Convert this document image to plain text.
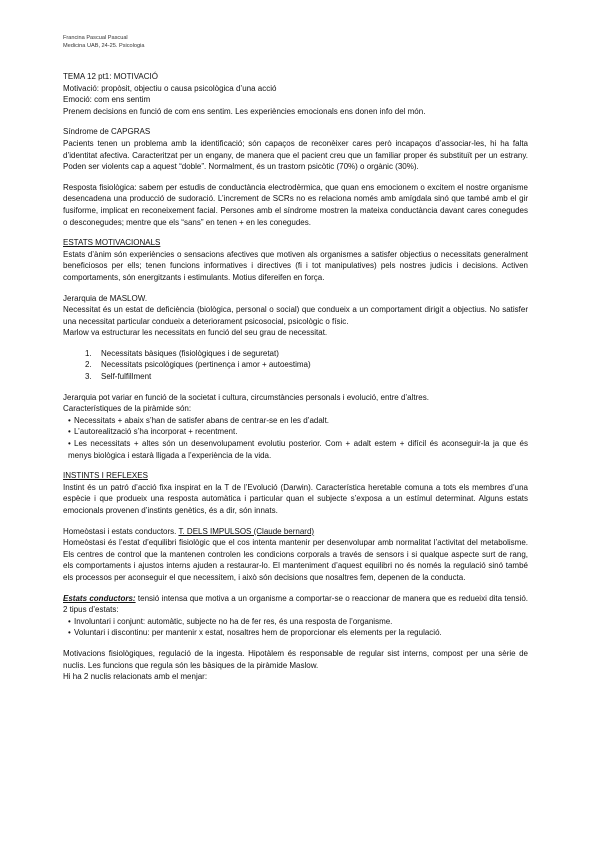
Francina Pascual Pascual
Medicina UAB, 24-25. Psicologia

TEMA 12 pt1: MOTIVACIÓ

Motivació: propòsit, objectiu o causa psicològica d’una acció

Emoció: com ens sentim

Prenem decisions en funció de com ens sentim. Les experiències emocionals ens donen info del món.

Síndrome de CAPGRAS

Pacients tenen un problema amb la identificació; són capaços de reconèixer cares però incapaços d’associar-les, hi ha falta d’identitat afectiva. Caracteritzat per un engany, de manera que el pacient creu que un familiar proper és substituït per un estrany. Poden ser violents cap a aquest “doble”. Normalment, és un trastorn psicòtic (70%) o orgànic (30%).

Resposta fisiològica: sabem per estudis de conductància electrodèrmica, que quan ens emocionem o excitem el nostre organisme desencadena una producció de sudoració. L’increment de SCRs no es relaciona només amb amígdala sinó que també amb el gir fusiforme, implicat en reconeixement facial. Persones amb el síndrome mostren la mateixa conductància davant cares conegudes o desconegudes; mentre que els “sans” en tenen + en les conegudes.

ESTATS MOTIVACIONALS

Estats d’ànim són experiències o sensacions afectives que motiven als organismes a satisfer objectius o necessitats generalment beneficiosos per ells; tenen funcions informatives i directives (fi i tot manipulatives) pels nostres judicis i decisions. Activen comportaments, són energitzants i estimulants. Motius difereifen en força.

Jerarquia de MASLOW.

Necessitat és un estat de deficiència (biològica, personal o social) que condueix a un comportament dirigit a objectius. No satisfer una necessitat particular condueix a deteriorament psicosocial, psicològic o físic.

Marlow va estructurar les necessitats en funció del seu grau de necessitat.

1.	Necessitats bàsiques (fisiològiques i de seguretat)
2.	Necessitats psicològiques (pertinença i amor + autoestima)
3.	Self-fulfillment

Jerarquia pot variar en funció de la societat i cultura, circumstàncies personals i evolució, entre d’altres.

Característiques de la piràmide són:

• Necessitats + abaix s’han de satisfer abans de centrar-se en les d’adalt.
• L’autorealització s’ha incorporat + recentment.
• Les necessitats + altes són un desenvolupament evolutiu posterior. Com + adalt estem + difícil és aconseguir-la ja que és menys biològica i estarà lligada a l’experiència de la vida.

INSTINTS I REFLEXES

Instint és un patró d’acció fixa inspirat en la T de l’Evolució (Darwin). Característica heretable comuna a tots els membres d’una espècie i que produeix una resposta automàtica i particular quan el subjecte s’exposa a un estímul determinat. Alguns estats emocionals provenen d’instints genètics, és a dir, són innats.

Homeòstasi i estats conductors. T. DELS IMPULSOS (Claude bernard)

Homeòstasi és l’estat d’equilibri fisiològic que el cos intenta mantenir per desenvolupar amb normalitat l’activitat del metabolisme. Els centres de control que la mantenen controlen les condicions corporals a través de sensors i si qualque aspecte surt de rang, els comportaments i ajustos interns ajuden a restaurar-lo. El manteniment d’aquest equilibri no és només la regulació sinó també els processos per aconseguir el que necessitem, i això són decisions que nosaltres fem, depenen de la conducta.

Estats conductors: tensió intensa que motiva a un organisme a comportar-se o reaccionar de manera que es redueixi dita tensió. 2 tipus d’estats:

• Involuntari i conjunt: automàtic, subjecte no ha de fer res, és una resposta de l’organisme.
• Voluntari i discontinu: per mantenir x estat, nosaltres hem de proporcionar els elements per la regulació.

Motivacions fisiològiques, regulació de la ingesta. Hipotàlem és responsable de regular sist interns, compost per una sèrie de nuclis. Les funcions que regula són les bàsiques de la piràmide Maslow.

Hi ha 2 nuclis relacionats amb el menjar:
